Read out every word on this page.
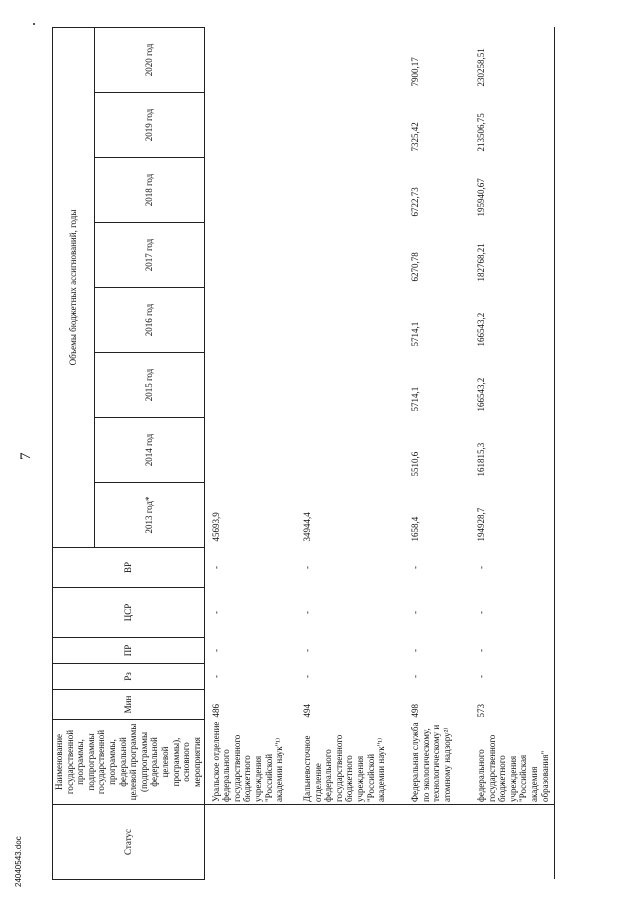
7
Статус	Наименование государственной программы, подпрограммы государственной программы, федеральной целевой программы (подпрограммы федеральной целевой программы), основного мероприятия	Мин	Рз	ПР	ЦСР	ВР	Объемы бюджетных ассигнований, годы							
							2013 год*	2014 год	2015 год	2016 год	2017 год	2018 год	2019 год	2020 год
	Уральское отделение федерального государственного бюджетного учреждения "Российской академии наук"¹⁾	486	-	-	-	-	45693,9							
	Дальневосточное отделение федерального государственного бюджетного учреждения "Российской академии наук"¹⁾	494	-	-	-	-	34944,4							
	Федеральная служба по экологическому, технологическому и атомному надзору²⁾	498	-	-	-	-	1658,4	5510,6	5714,1	5714,1	6270,78	6722,73	7325,42	7900,17
	федерального государственного бюджетного учреждения "Российская академия образования"	573	-	-	-	-	194928,7	161815,3	166543,2	166543,2	182768,21	195940,67	213506,75	230258,51
24040543.doc
